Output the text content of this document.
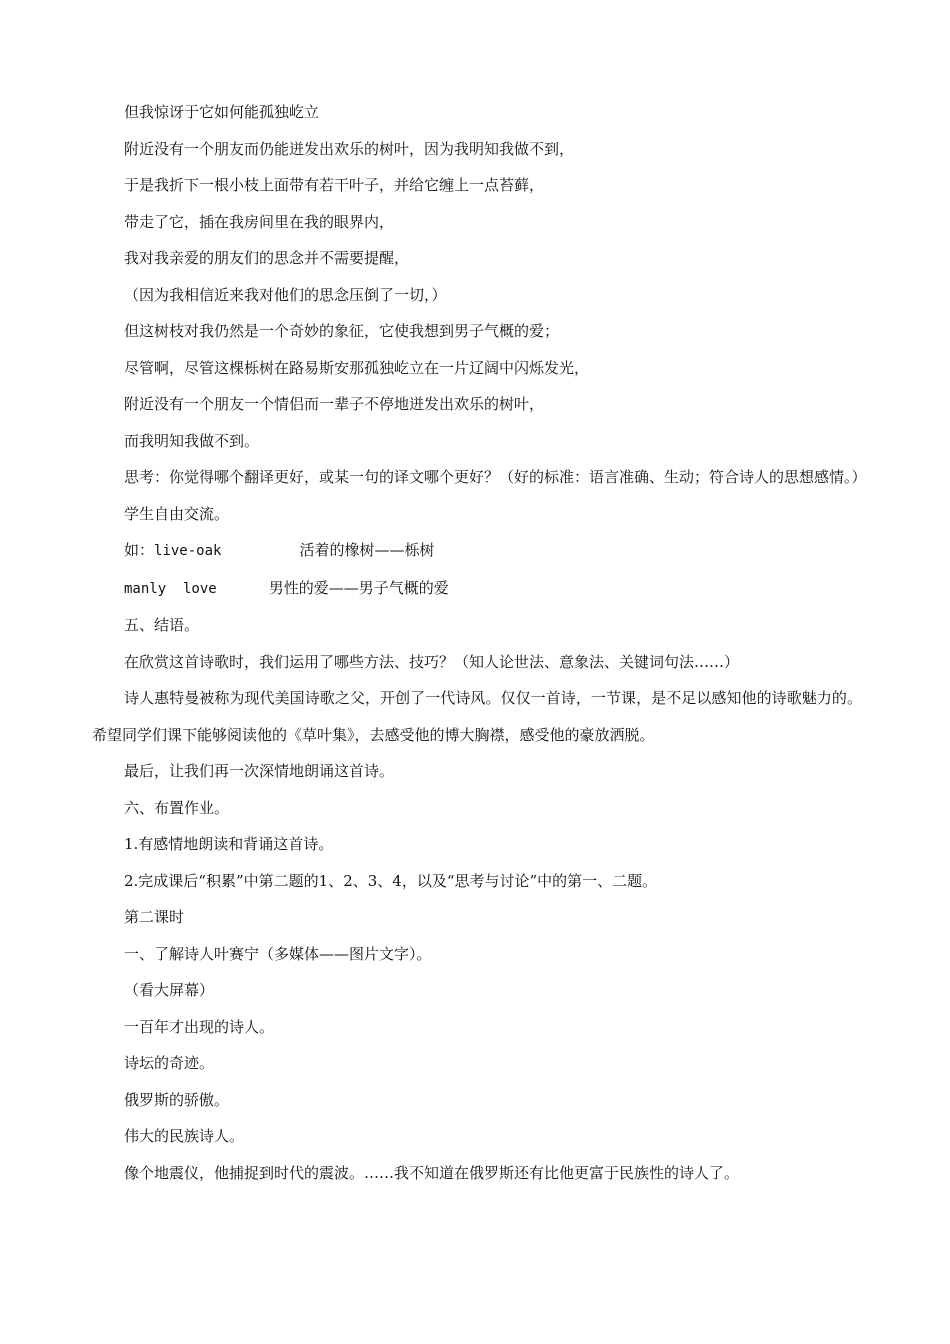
但我惊讶于它如何能孤独屹立
附近没有一个朋友而仍能迸发出欢乐的树叶，因为我明知我做不到，
于是我折下一根小枝上面带有若干叶子，并给它缠上一点苔藓，
带走了它，插在我房间里在我的眼界内，
我对我亲爱的朋友们的思念并不需要提醒，
（因为我相信近来我对他们的思念压倒了一切，）
但这树枝对我仍然是一个奇妙的象征，它使我想到男子气概的爱；
尽管啊，尽管这棵栎树在路易斯安那孤独屹立在一片辽阔中闪烁发光，
附近没有一个朋友一个情侣而一辈子不停地迸发出欢乐的树叶，
而我明知我做不到。
思考：你觉得哪个翻译更好，或某一句的译文哪个更好？（好的标准：语言准确、生动；符合诗人的思想感情。）
学生自由交流。
如：live-oak	活着的橡树——栎树
manly  love	男性的爱——男子气概的爱
五、结语。
在欣赏这首诗歌时，我们运用了哪些方法、技巧？（知人论世法、意象法、关键词句法……）
诗人惠特曼被称为现代美国诗歌之父，开创了一代诗风。仅仅一首诗，一节课，是不足以感知他的诗歌魅力的。希望同学们课下能够阅读他的《草叶集》，去感受他的博大胸襟，感受他的豪放洒脱。
最后，让我们再一次深情地朗诵这首诗。
六、布置作业。
1.有感情地朗读和背诵这首诗。
2.完成课后“积累”中第二题的1、2、3、4，以及“思考与讨论”中的第一、二题。
第二课时
一、了解诗人叶赛宁（多媒体——图片文字）。
（看大屏幕）
一百年才出现的诗人。
诗坛的奇迹。
俄罗斯的骄傲。
伟大的民族诗人。
像个地震仪，他捕捉到时代的震波。……我不知道在俄罗斯还有比他更富于民族性的诗人了。
